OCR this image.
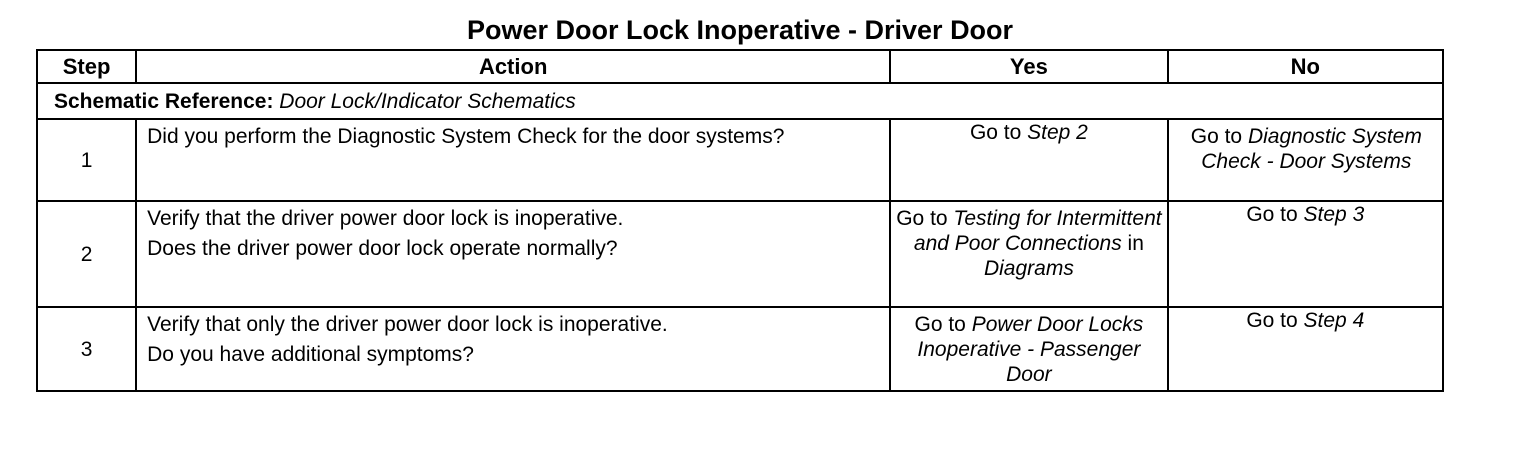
Power Door Lock Inoperative - Driver Door
Step	Action	Yes	No
Schematic Reference: Door Lock/Indicator Schematics			
1	Did you perform the Diagnostic System Check for the door systems?	Go to Step 2	Go to Diagnostic System Check - Door Systems

2	Verify that the driver power door lock is inoperative.

Does the driver power door lock operate normally?	Go to Testing for Intermittent and Poor Connections in Diagrams	Go to Step 3

3	Verify that only the driver power door lock is inoperative.

Do you have additional symptoms?	Go to Power Door Locks Inoperative - Passenger Door	Go to Step 4
